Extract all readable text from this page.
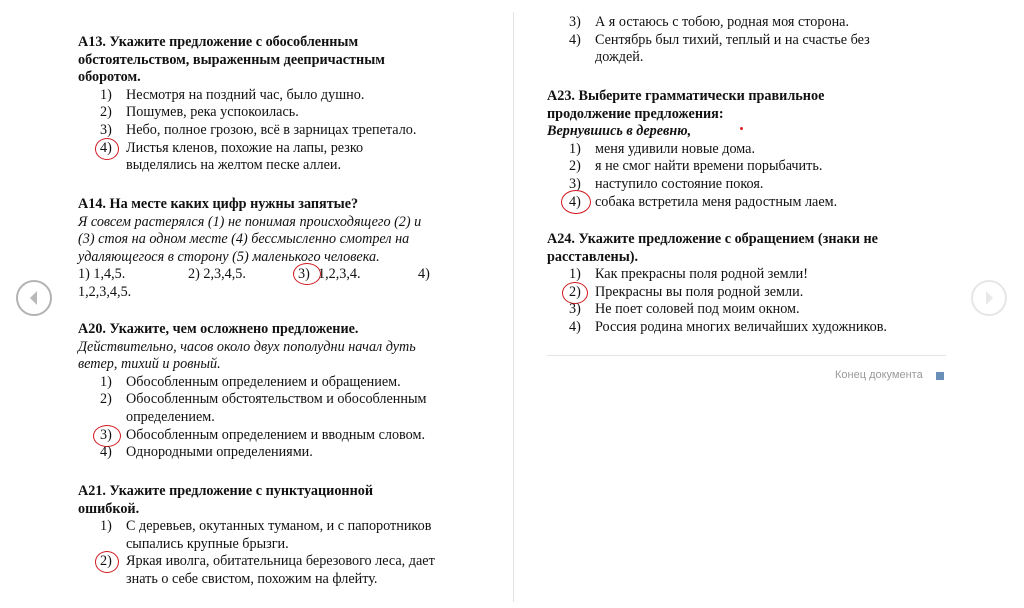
А13. Укажите предложение с обособленным
обстоятельством, выраженным деепричастным
оборотом.
1) Несмотря на поздний час, было душно.
2) Пошумев, река успокоилась.
3) Небо, полное грозою, всё в зарницах трепетало.
4) Листья кленов, похожие на лапы, резко
выделялись на желтом песке аллеи.
А14. На месте каких цифр нужны запятые?
Я совсем растерялся (1) не понимая происходящего (2) и
(3) стоя на одном месте (4) бессмысленно смотрел на
удаляющегося в сторону (5) маленького человека.
1) 1,4,5.	2) 2,3,4,5.	3) 1,2,3,4.	4)
1,2,3,4,5.
А20. Укажите, чем осложнено предложение.
Действительно, часов около двух пополудни начал дуть
ветер, тихий и ровный.
1) Обособленным определением и обращением.
2) Обособленным обстоятельством и обособленным
определением.
3) Обособленным определением и вводным словом.
4) Однородными определениями.
А21. Укажите предложение с пунктуационной
ошибкой.
1) С деревьев, окутанных туманом, и с папоротников
сыпались крупные брызги.
2) Яркая иволга, обитательница березового леса, дает
знать о себе свистом, похожим на флейту.
3) А я остаюсь с тобою, родная моя сторона.
4) Сентябрь был тихий, теплый и на счастье без
дождей.
А23. Выберите грамматически правильное
продолжение предложения:
Вернувшись в деревню,
1) меня удивили новые дома.
2) я не смог найти времени порыбачить.
3) наступило состояние покоя.
4) собака встретила меня радостным лаем.
А24. Укажите предложение с обращением (знаки не
расставлены).
1) Как прекрасны поля родной земли!
2) Прекрасны вы поля родной земли.
3) Не поет соловей под моим окном.
4) Россия родина многих величайших художников.
Конец документа
